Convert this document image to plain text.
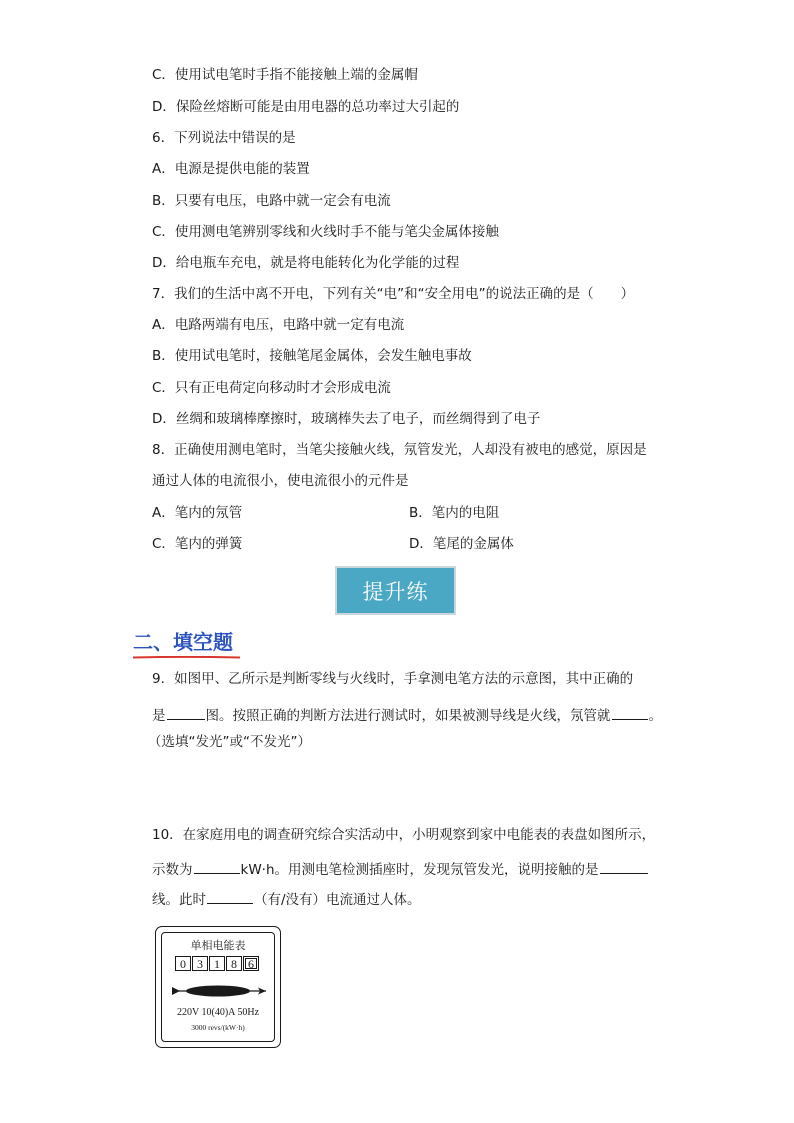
C．使用试电笔时手指不能接触上端的金属帽
D．保险丝熔断可能是由用电器的总功率过大引起的
6．下列说法中错误的是
A．电源是提供电能的装置
B．只要有电压，电路中就一定会有电流
C．使用测电笔辨别零线和火线时手不能与笔尖金属体接触
D．给电瓶车充电，就是将电能转化为化学能的过程
7．我们的生活中离不开电，下列有关“电”和“安全用电”的说法正确的是（　　）
A．电路两端有电压，电路中就一定有电流
B．使用试电笔时，接触笔尾金属体，会发生触电事故
C．只有正电荷定向移动时才会形成电流
D．丝绸和玻璃棒摩擦时，玻璃棒失去了电子，而丝绸得到了电子
8．正确使用测电笔时，当笔尖接触火线，氖管发光，人却没有被电的感觉，原因是
通过人体的电流很小，使电流很小的元件是
A．笔内的氖管	B．笔内的电阻
C．笔内的弹簧	D．笔尾的金属体
提升练
二、填空题
9．如图甲、乙所示是判断零线与火线时，手拿测电笔方法的示意图，其中正确的
是	图。按照正确的判断方法进行测试时，如果被测导线是火线，氖管就	。
（选填“发光”或“不发光”）
10．在家庭用电的调查研究综合实活动中，小明观察到家中电能表的表盘如图所示，
示数为	kW·h。用测电笔检测插座时，发现氖管发光，说明接触的是
线。此时	（有/没有）电流通过人体。
单相电能表
0 3 1 8 6
220V 10(40)A 50Hz
3000 revs/(kW·h)
